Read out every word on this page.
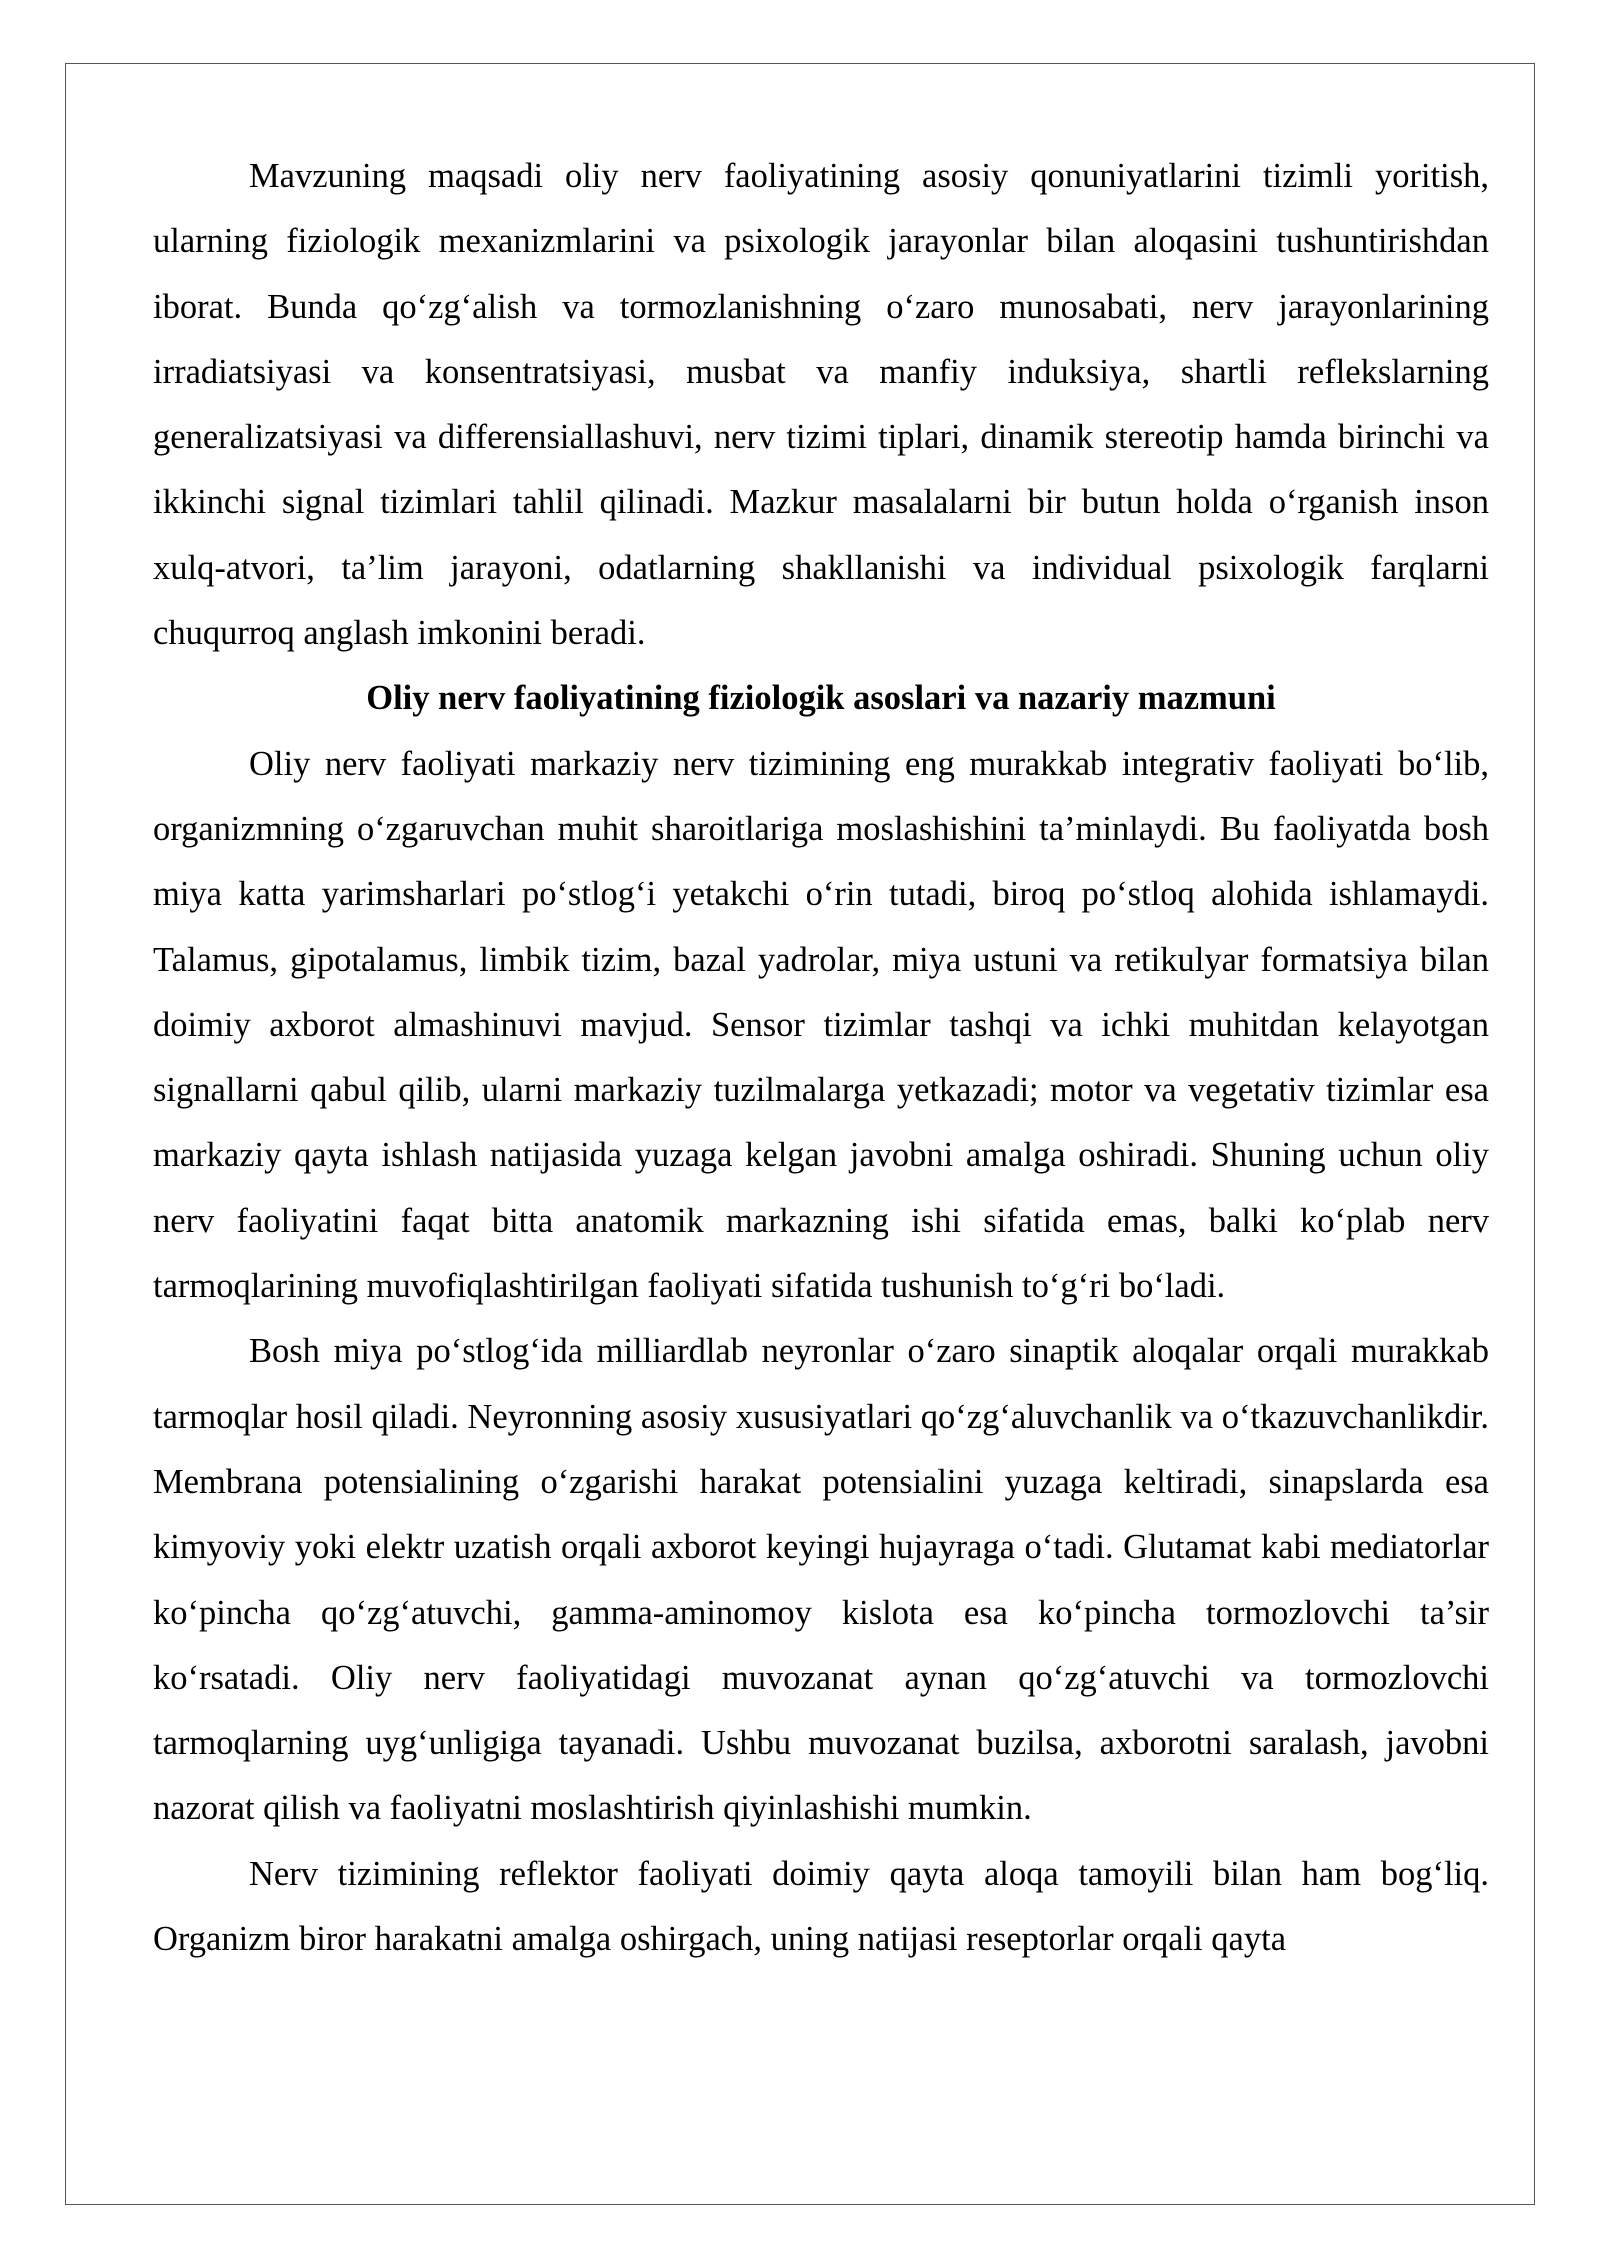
Mavzuning maqsadi oliy nerv faoliyatining asosiy qonuniyatlarini tizimli yoritish, ularning fiziologik mexanizmlarini va psixologik jarayonlar bilan aloqasini tushuntirishdan iborat. Bunda qo‘zg‘alish va tormozlanishning o‘zaro munosabati, nerv jarayonlarining irradiatsiyasi va konsentratsiyasi, musbat va manfiy induksiya, shartli reflekslarning generalizatsiyasi va differensiallashuvi, nerv tizimi tiplari, dinamik stereotip hamda birinchi va ikkinchi signal tizimlari tahlil qilinadi. Mazkur masalalarni bir butun holda o‘rganish inson xulq-atvori, ta’lim jarayoni, odatlarning shakllanishi va individual psixologik farqlarni chuqurroq anglash imkonini beradi.

Oliy nerv faoliyatining fiziologik asoslari va nazariy mazmuni

Oliy nerv faoliyati markaziy nerv tizimining eng murakkab integrativ faoliyati bo‘lib, organizmning o‘zgaruvchan muhit sharoitlariga moslashishini ta’minlaydi. Bu faoliyatda bosh miya katta yarimsharlari po‘stlog‘i yetakchi o‘rin tutadi, biroq po‘stloq alohida ishlamaydi. Talamus, gipotalamus, limbik tizim, bazal yadrolar, miya ustuni va retikulyar formatsiya bilan doimiy axborot almashinuvi mavjud. Sensor tizimlar tashqi va ichki muhitdan kelayotgan signallarni qabul qilib, ularni markaziy tuzilmalarga yetkazadi; motor va vegetativ tizimlar esa markaziy qayta ishlash natijasida yuzaga kelgan javobni amalga oshiradi. Shuning uchun oliy nerv faoliyatini faqat bitta anatomik markazning ishi sifatida emas, balki ko‘plab nerv tarmoqlarining muvofiqlashtirilgan faoliyati sifatida tushunish to‘g‘ri bo‘ladi.

Bosh miya po‘stlog‘ida milliardlab neyronlar o‘zaro sinaptik aloqalar orqali murakkab tarmoqlar hosil qiladi. Neyronning asosiy xususiyatlari qo‘zg‘aluvchanlik va o‘tkazuvchanlikdir. Membrana potensialining o‘zgarishi harakat potensialini yuzaga keltiradi, sinapslarda esa kimyoviy yoki elektr uzatish orqali axborot keyingi hujayraga o‘tadi. Glutamat kabi mediatorlar ko‘pincha qo‘zg‘atuvchi, gamma-aminomoy kislota esa ko‘pincha tormozlovchi ta’sir ko‘rsatadi. Oliy nerv faoliyatidagi muvozanat aynan qo‘zg‘atuvchi va tormozlovchi tarmoqlarning uyg‘unligiga tayanadi. Ushbu muvozanat buzilsa, axborotni saralash, javobni nazorat qilish va faoliyatni moslashtirish qiyinlashishi mumkin.

Nerv tizimining reflektor faoliyati doimiy qayta aloqa tamoyili bilan ham bog‘liq. Organizm biror harakatni amalga oshirgach, uning natijasi reseptorlar orqali qayta
